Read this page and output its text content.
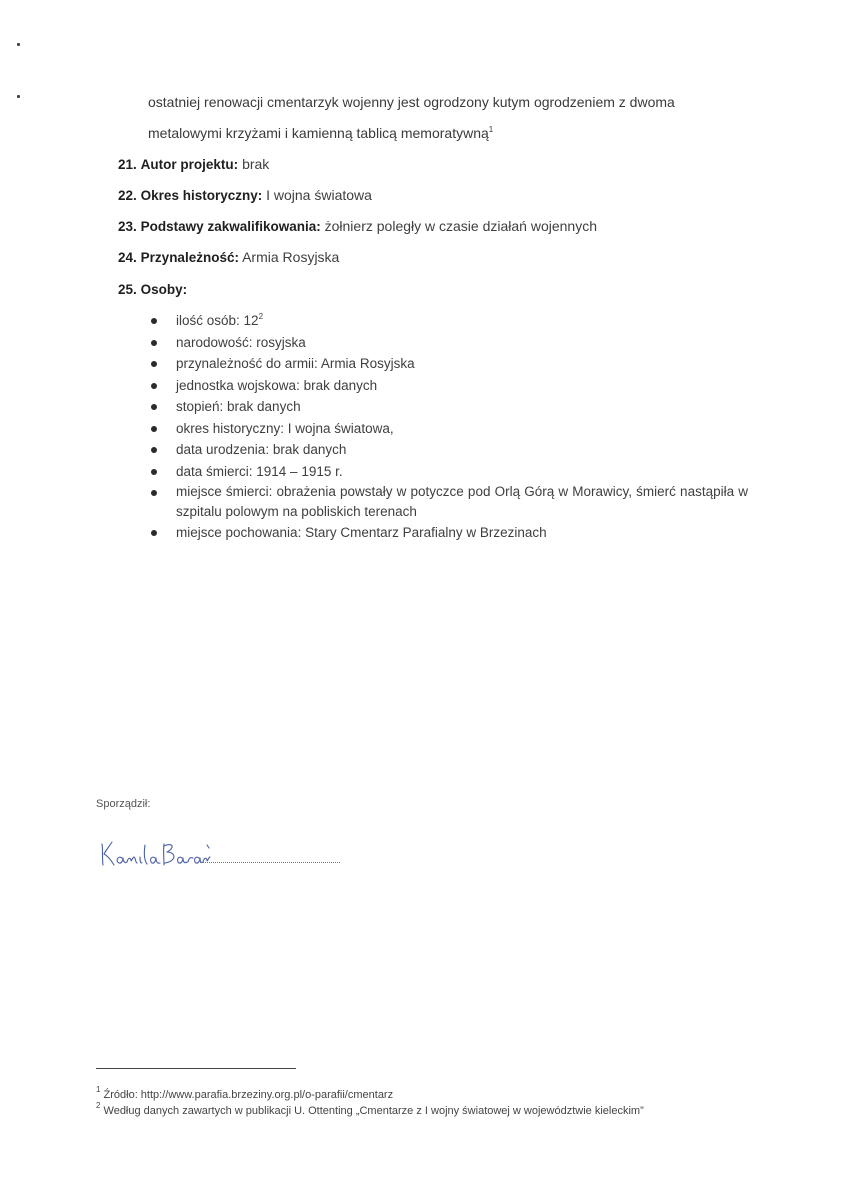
ostatniej renowacji cmentarzyk wojenny jest ogrodzony kutym ogrodzeniem z dwoma
metalowymi krzyżami i kamienną tablicą memoratywną$^1$
21. Autor projektu: brak
22. Okres historyczny: I wojna światowa
23. Podstawy zakwalifikowania: żołnierz poległy w czasie działań wojennych
24. Przynależność: Armia Rosyjska
25. Osoby:
ilość osób: $12^2$
narodowość: rosyjska
przynależność do armii: Armia Rosyjska
jednostka wojskowa: brak danych
stopień: brak danych
okres historyczny: I wojna światowa,
data urodzenia: brak danych
data śmierci: 1914 – 1915 r.
miejsce śmierci: obrażenia powstały w potyczce pod Orlą Górą w Morawicy, śmierć nastąpiła w szpitalu polowym na pobliskich terenach
miejsce pochowania: Stary Cmentarz Parafialny w Brzezinach
Sporządził:
$^1$ Źródło: http://www.parafia.brzeziny.org.pl/o-parafii/cmentarz
$^2$ Według danych zawartych w publikacji U. Ottenting „Cmentarze z I wojny światowej w województwie kieleckim”
